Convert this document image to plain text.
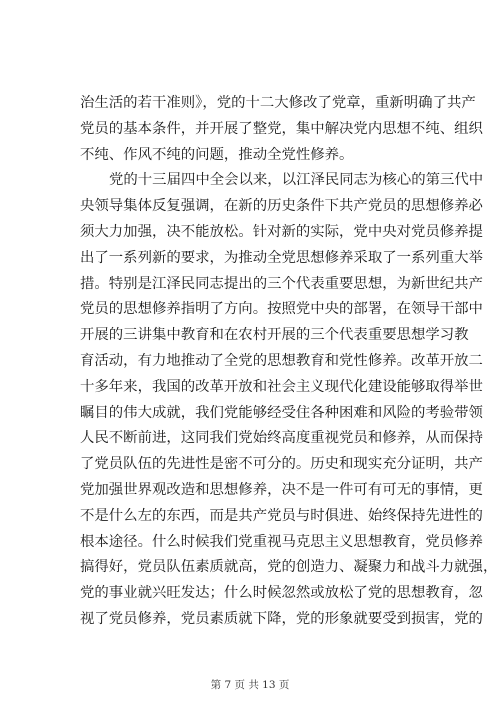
治生活的若干准则》，党的十二大修改了党章，重新明确了共产
党员的基本条件，并开展了整党，集中解决党内思想不纯、组织
不纯、作风不纯的问题，推动全党性修养。
党的十三届四中全会以来，以江泽民同志为核心的第三代中
央领导集体反复强调，在新的历史条件下共产党员的思想修养必
须大力加强，决不能放松。针对新的实际，党中央对党员修养提
出了一系列新的要求，为推动全党思想修养采取了一系列重大举
措。特别是江泽民同志提出的三个代表重要思想，为新世纪共产
党员的思想修养指明了方向。按照党中央的部署，在领导干部中
开展的三讲集中教育和在农村开展的三个代表重要思想学习教
育活动，有力地推动了全党的思想教育和党性修养。改革开放二
十多年来，我国的改革开放和社会主义现代化建设能够取得举世
瞩目的伟大成就，我们党能够经受住各种困难和风险的考验带领
人民不断前进，这同我们党始终高度重视党员和修养，从而保持
了党员队伍的先进性是密不可分的。历史和现实充分证明，共产
党加强世界观改造和思想修养，决不是一件可有可无的事情，更
不是什么左的东西，而是共产党员与时俱进、始终保持先进性的
根本途径。什么时候我们党重视马克思主义思想教育，党员修养
搞得好，党员队伍素质就高，党的创造力、凝聚力和战斗力就强，
党的事业就兴旺发达；什么时候忽然或放松了党的思想教育，忽
视了党员修养，党员素质就下降，党的形象就要受到损害，党的
第 7 页 共 13 页
